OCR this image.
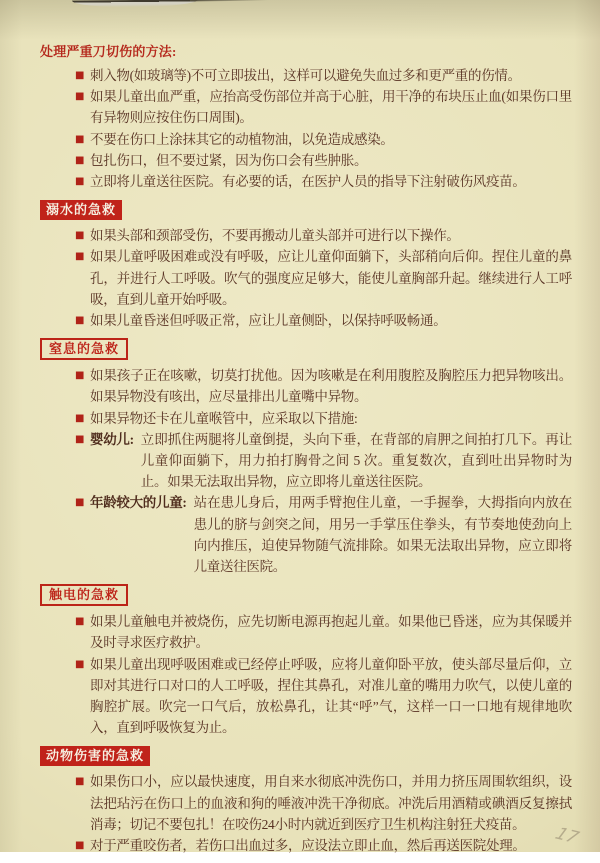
处理严重刀切伤的方法:
■ 刺入物(如玻璃等)不可立即拔出，这样可以避免失血过多和更严重的伤情。
■ 如果儿童出血严重，应抬高受伤部位并高于心脏，用干净的布块压止血(如果伤口里有异物则应按住伤口周围)。
■ 不要在伤口上涂抹其它的动植物油，以免造成感染。
■ 包扎伤口，但不要过紧，因为伤口会有些肿胀。
■ 立即将儿童送往医院。有必要的话，在医护人员的指导下注射破伤风疫苗。
溺水的急救
■ 如果头部和颈部受伤，不要再搬动儿童头部并可进行以下操作。
■ 如果儿童呼吸困难或没有呼吸，应让儿童仰面躺下，头部稍向后仰。捏住儿童的鼻孔，并进行人工呼吸。吹气的强度应足够大，能使儿童胸部升起。继续进行人工呼吸，直到儿童开始呼吸。
■ 如果儿童昏迷但呼吸正常，应让儿童侧卧，以保持呼吸畅通。
窒息的急救
■ 如果孩子正在咳嗽，切莫打扰他。因为咳嗽是在利用腹腔及胸腔压力把异物咳出。如果异物没有咳出，应尽量排出儿童嘴中异物。
■ 如果异物还卡在儿童喉管中，应采取以下措施:
■ 婴幼儿: 立即抓住两腿将儿童倒提，头向下垂，在背部的肩胛之间拍打几下。再让儿童仰面躺下，用力拍打胸骨之间 5 次。重复数次，直到吐出异物时为止。如果无法取出异物，应立即将儿童送往医院。
■ 年龄较大的儿童: 站在患儿身后，用两手臂抱住儿童，一手握拳，大拇指向内放在患儿的脐与剑突之间，用另一手掌压住拳头，有节奏地使劲向上向内推压，迫使异物随气流排除。如果无法取出异物，应立即将儿童送往医院。
触电的急救
■ 如果儿童触电并被烧伤，应先切断电源再抱起儿童。如果他已昏迷，应为其保暖并及时寻求医疗救护。
■ 如果儿童出现呼吸困难或已经停止呼吸，应将儿童仰卧平放，使头部尽量后仰，立即对其进行口对口的人工呼吸，捏住其鼻孔，对准儿童的嘴用力吹气，以使儿童的胸腔扩展。吹完一口气后，放松鼻孔，让其“呼”气，这样一口一口地有规律地吹入，直到呼吸恢复为止。
动物伤害的急救
■ 如果伤口小，应以最快速度，用自来水彻底冲洗伤口，并用力挤压周围软组织，设法把玷污在伤口上的血液和狗的唾液冲洗干净彻底。冲洗后用酒精或碘酒反复擦拭消毒；切记不要包扎！在咬伤24小时内就近到医疗卫生机构注射狂犬疫苗。
■ 对于严重咬伤者，若伤口出血过多，应设法立即止血，然后再送医院处理。	17
